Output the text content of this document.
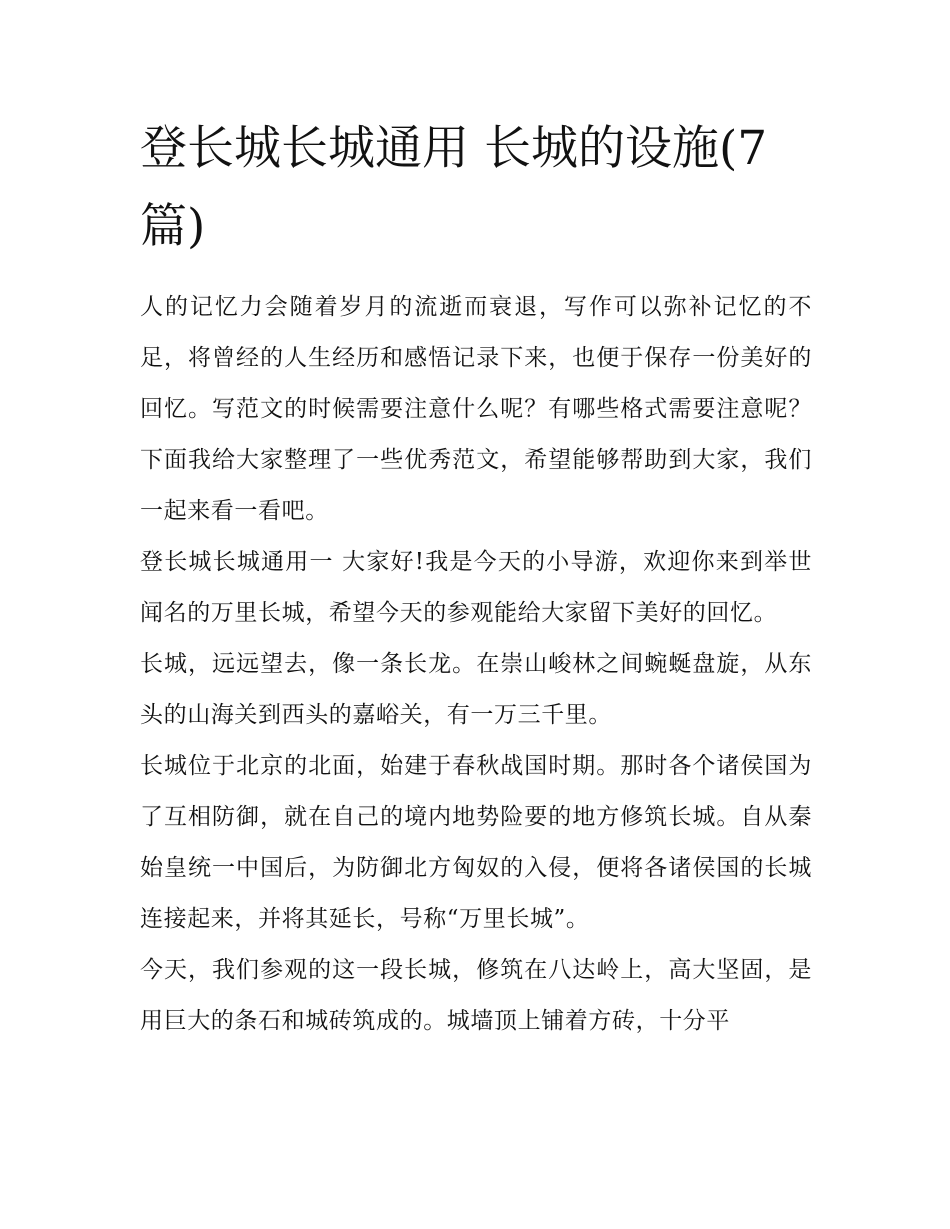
登长城长城通用 长城的设施(7篇)

人的记忆力会随着岁月的流逝而衰退，写作可以弥补记忆的不足，将曾经的人生经历和感悟记录下来，也便于保存一份美好的回忆。写范文的时候需要注意什么呢？有哪些格式需要注意呢？下面我给大家整理了一些优秀范文，希望能够帮助到大家，我们一起来看一看吧。

登长城长城通用一 大家好!我是今天的小导游，欢迎你来到举世闻名的万里长城，希望今天的参观能给大家留下美好的回忆。

长城，远远望去，像一条长龙。在崇山峻林之间蜿蜒盘旋，从东头的山海关到西头的嘉峪关，有一万三千里。

长城位于北京的北面，始建于春秋战国时期。那时各个诸侯国为了互相防御，就在自己的境内地势险要的地方修筑长城。自从秦始皇统一中国后，为防御北方匈奴的入侵，便将各诸侯国的长城连接起来，并将其延长，号称“万里长城”。

今天，我们参观的这一段长城，修筑在八达岭上，高大坚固，是用巨大的条石和城砖筑成的。城墙顶上铺着方砖，十分平
